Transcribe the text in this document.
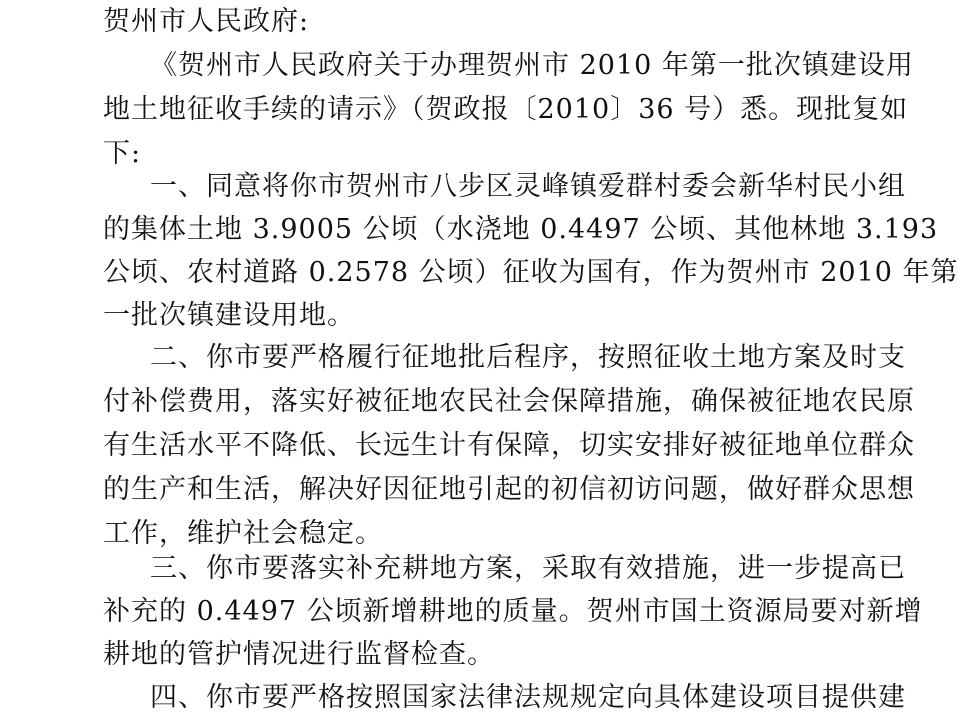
贺州市人民政府:
《贺州市人民政府关于办理贺州市 2010 年第一批次镇建设用
地土地征收手续的请示》（贺政报〔2010〕36 号）悉。现批复如
下:
一、同意将你市贺州市八步区灵峰镇爱群村委会新华村民小组
的集体土地 3.9005 公顷（水浇地 0.4497 公顷、其他林地 3.193
公顷、农村道路 0.2578 公顷）征收为国有，作为贺州市 2010 年第
一批次镇建设用地。
二、你市要严格履行征地批后程序，按照征收土地方案及时支
付补偿费用，落实好被征地农民社会保障措施，确保被征地农民原
有生活水平不降低、长远生计有保障，切实安排好被征地单位群众
的生产和生活，解决好因征地引起的初信初访问题，做好群众思想
工作，维护社会稳定。
三、你市要落实补充耕地方案，采取有效措施，进一步提高已
补充的 0.4497 公顷新增耕地的质量。贺州市国土资源局要对新增
耕地的管护情况进行监督检查。
四、你市要严格按照国家法律法规规定向具体建设项目提供建
